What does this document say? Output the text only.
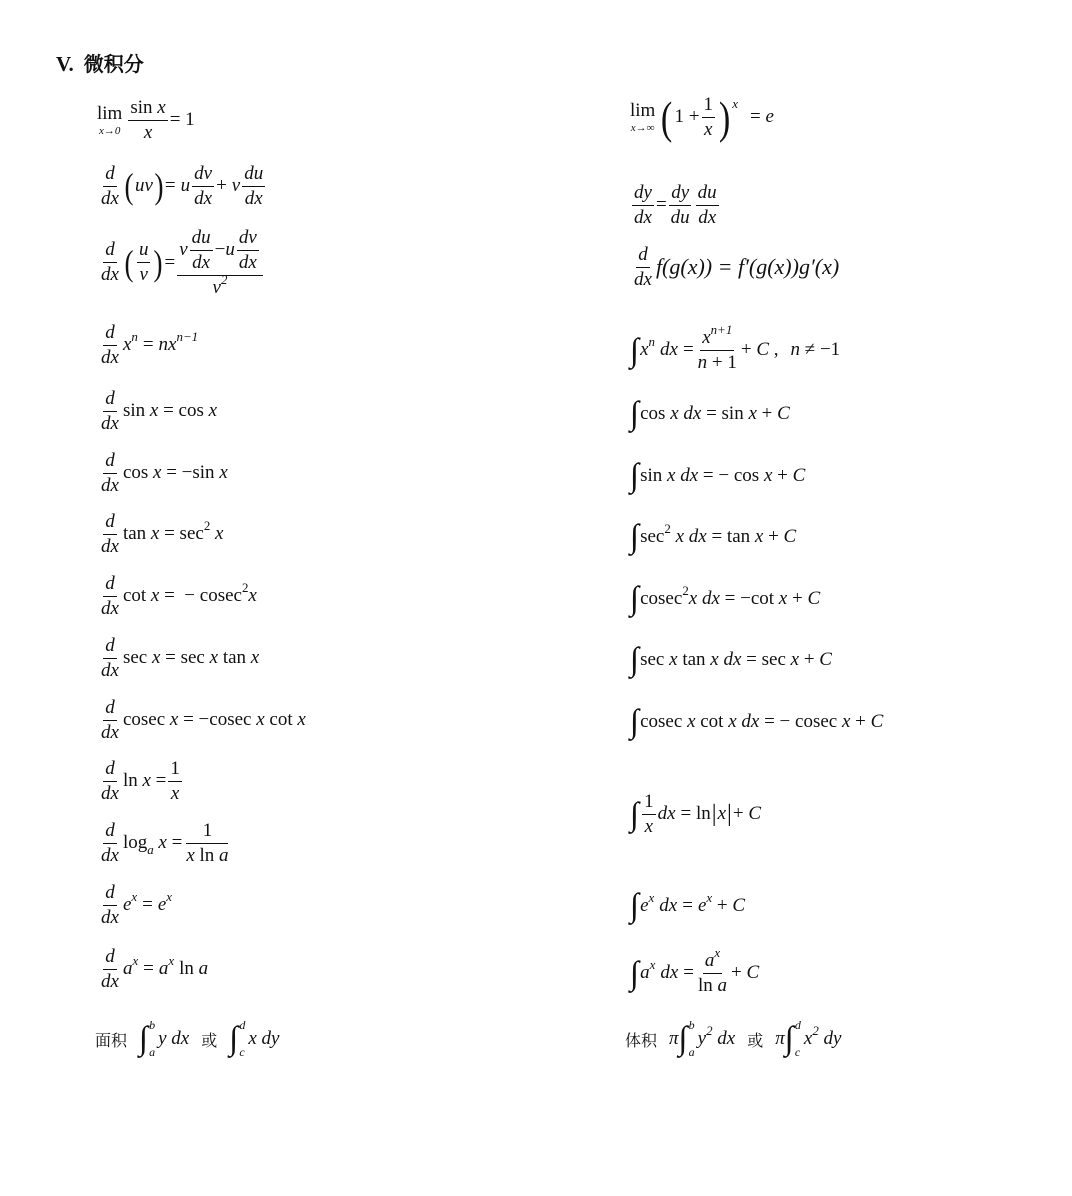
V. 微积分
lim
$x\to 0 \frac{\text{sin x}}{x} = 1$
$\frac{d}{dx}$ ( uv ) = u $\frac{dv}{dx} + v \frac{du}{dx}$
$\frac{d}{dx}$ ( $\frac{u}{v}$ ) = $\frac{v \frac{du}{dx} - u \frac{dv}{dx}}{v^2}$
$\frac{d}{dx} x^n = nx^{n-1}$
$\frac{d}{dx}$ sin x = cos x
$\frac{d}{dx}$ cos x = −sin x
$\frac{d}{dx}$ $\tan x = \sec^2 x$
$\frac{d}{dx}$ cot x =  − cosec$^2$x
$\frac{d}{dx}$ sec x = sec x tan x
$\frac{d}{dx}$ cosec x = −cosec x cot x
$\frac{d}{dx}$ $\ln x = \frac{1}{x}$
$\frac{d}{dx} \log_a x = \frac{1}{\text{x ln a}}$
$\frac{d}{dx} e^x = e^x$
$\frac{d}{dx} a^x = a^x$ ln a
面积 ∫ b
a
y dx 或 ∫ d
c
x dy
lim
x→∞ ( $1 + \frac{1}{x}$ ) x
= e
$\frac{dy}{dx} = \frac{dy}{du} \frac{du}{dx}$
$\frac{d}{dx} f(g(x)) = f'(g(x))g'(x)$
∫ $x^n$ dx = $\frac{x^{n+1}}{n + 1} + C$ , n ≠ −1
∫ cos x dx = sin x + C
∫ sin x dx = − cos x + C
∫ $\sec^2 x$ dx = tan x + C
∫ cosec$^2$x dx = −cot x + C
∫ sec x tan x dx = sec x + C
∫ cosec x cot x dx = − cosec x + C
∫ $\frac{1}{x}$ dx = ln | x | + C
∫ $e^x$ dx = $e^x + C$
∫ $a^x$ dx = $\frac{a^x}{\text{ln a}} + C$
体积 π ∫ b
a
$y^2$ dx 或 π ∫ d
c
$x^2$ dy
